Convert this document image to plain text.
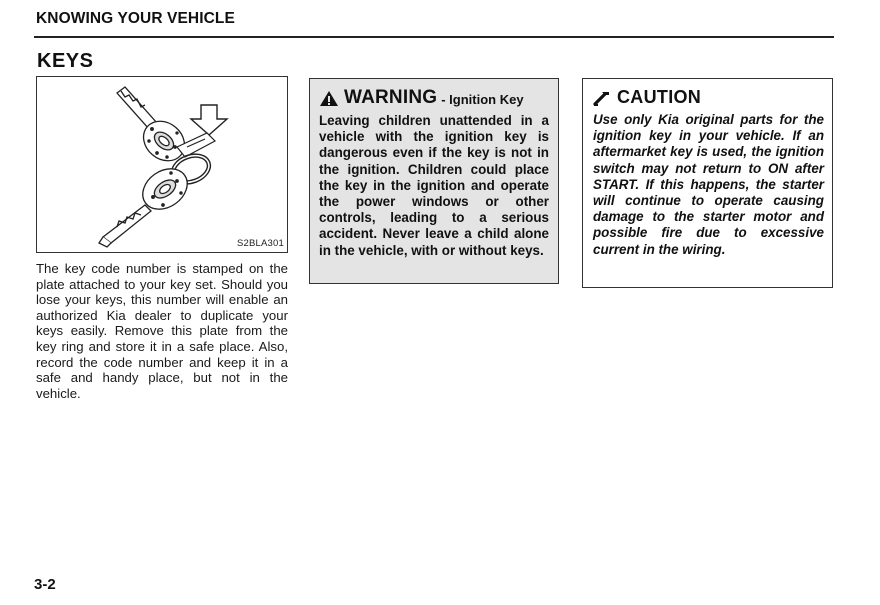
KNOWING YOUR VEHICLE
KEYS
S2BLA301
The key code number is stamped on the plate attached to your key set. Should you lose your keys, this number will enable an authorized Kia dealer to duplicate your keys easily. Remove this plate from the key ring and store it in a safe place. Also, record the code number and keep it in a safe and handy place, but not in the vehicle.
WARNING - Ignition Key
Leaving children unattended in a vehicle with the ignition key is dangerous even if the key is not in the ignition. Children could place the key in the ignition and operate the power windows or other controls, leading to a serious accident. Never leave a child alone in the vehicle, with or without keys.
CAUTION
Use only Kia original parts for the ignition key in your vehicle. If an aftermarket key is used, the ignition switch may not return to ON after START. If this happens, the starter will continue to operate causing damage to the starter motor and possible fire due to excessive current in the wiring.
3-2
